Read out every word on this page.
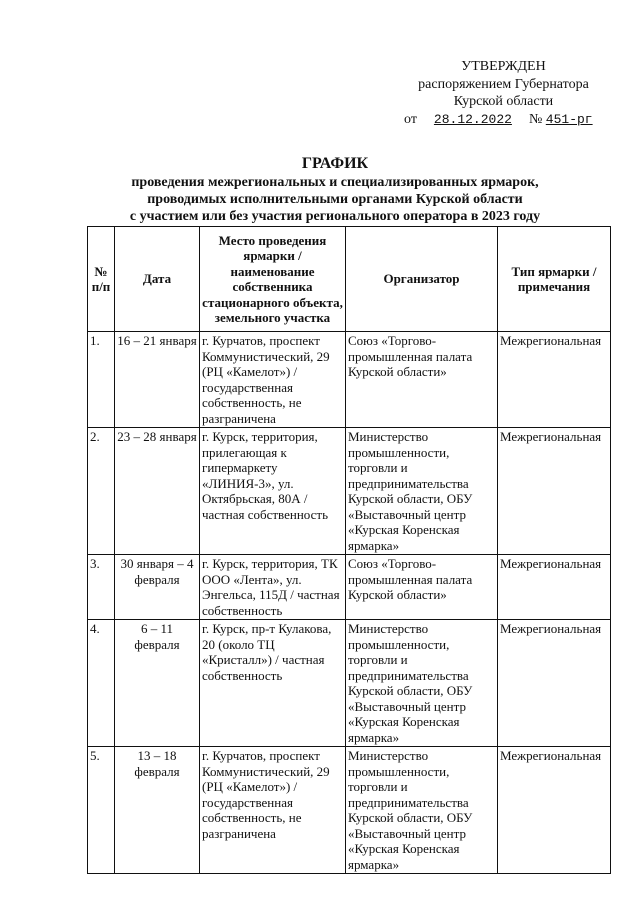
УТВЕРЖДЕН
распоряжением Губернатора
Курской области
от 28.12.2022 № 451-рг
ГРАФИК
проведения межрегиональных и специализированных ярмарок,
проводимых исполнительными органами Курской области
с участием или без участия регионального оператора в 2023 году
№ п/п	Дата	Место проведения ярмарки / наименование собственника стационарного объекта, земельного участка	Организатор	Тип ярмарки / примечания
1.	16 – 21 января	г. Курчатов, проспект Коммунистический, 29 (РЦ «Камелот») / государственная собственность, не разграничена	Союз «Торгово-промышленная палата Курской области»	Межрегиональная
2.	23 – 28 января	г. Курск, территория, прилегающая к гипермаркету «ЛИНИЯ-3», ул. Октябрьская, 80А / частная собственность	Министерство промышленности, торговли и предпринимательства Курской области, ОБУ «Выставочный центр «Курская Коренская ярмарка»	Межрегиональная
3.	30 января – 4 февраля	г. Курск, территория, ТК ООО «Лента», ул. Энгельса, 115Д / частная собственность	Союз «Торгово-промышленная палата Курской области»	Межрегиональная
4.	6 – 11 февраля	г. Курск, пр-т Кулакова, 20 (около ТЦ «Кристалл») / частная собственность	Министерство промышленности, торговли и предпринимательства Курской области, ОБУ «Выставочный центр «Курская Коренская ярмарка»	Межрегиональная
5.	13 – 18 февраля	г. Курчатов, проспект Коммунистический, 29 (РЦ «Камелот») / государственная собственность, не разграничена	Министерство промышленности, торговли и предпринимательства Курской области, ОБУ «Выставочный центр «Курская Коренская ярмарка»	Межрегиональная
